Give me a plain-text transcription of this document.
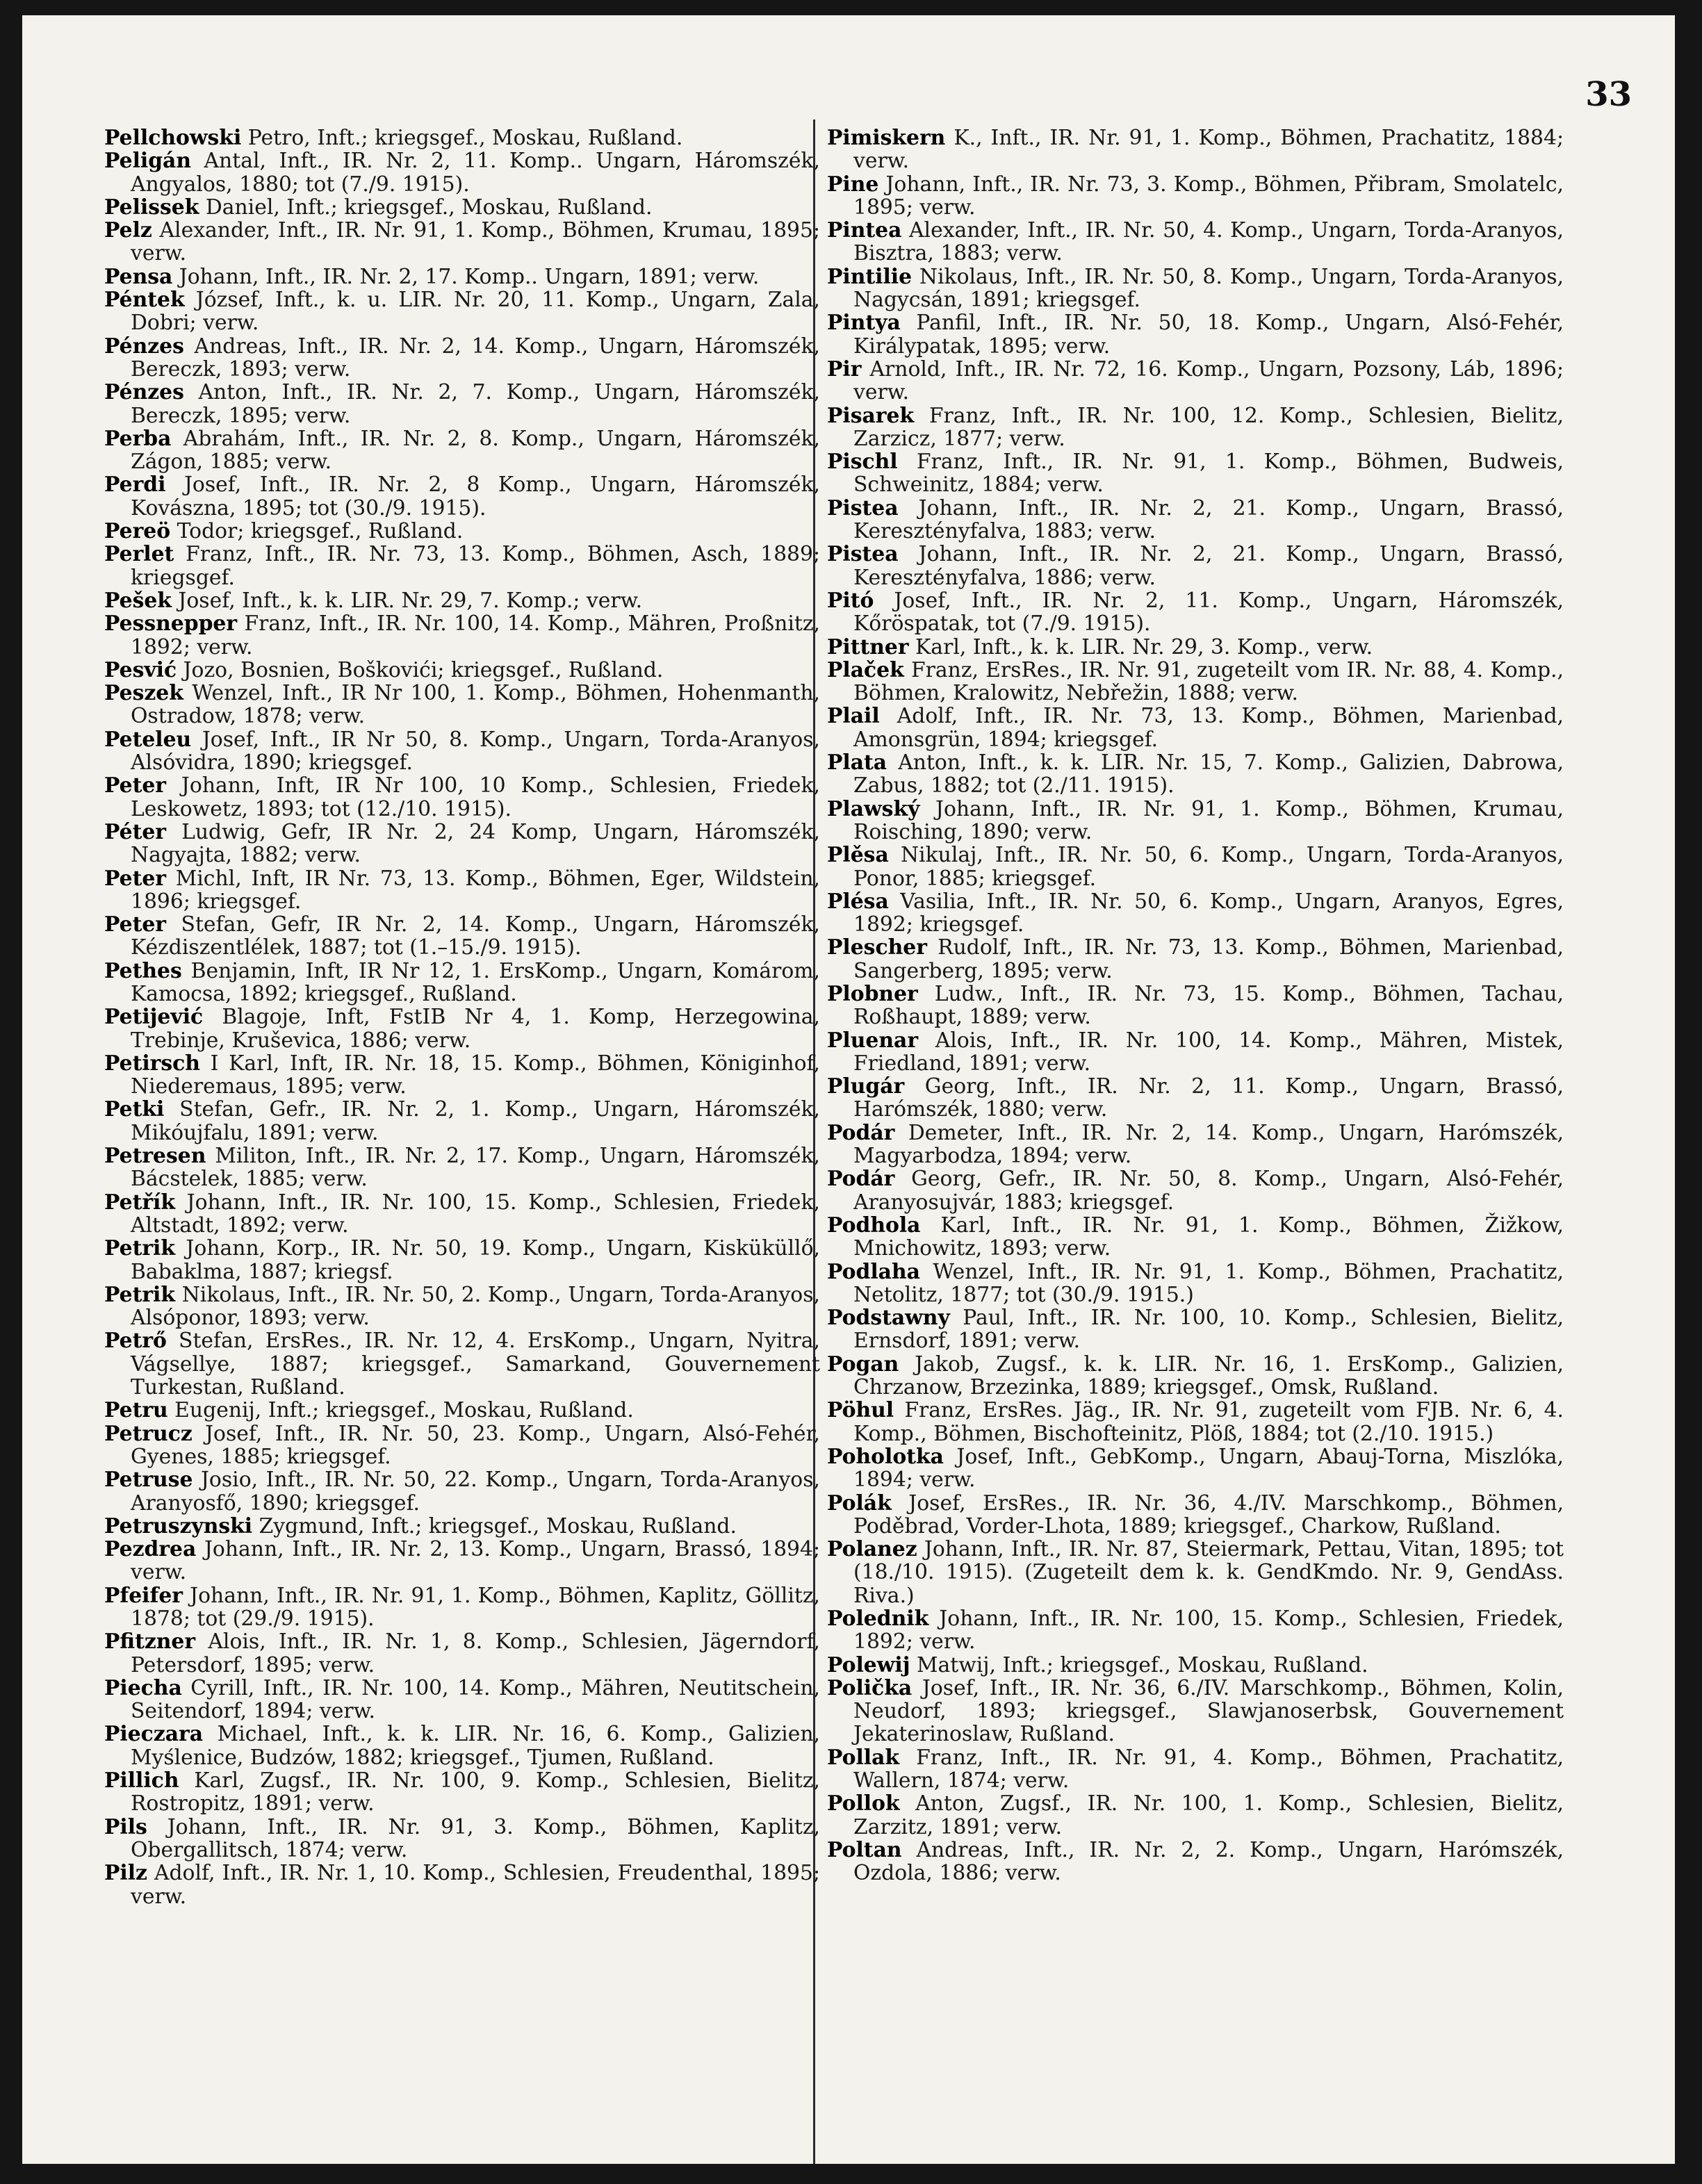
33

Pellchowski Petro, Inft.; kriegsgef., Moskau, Rußland.

Peligán Antal, Inft., IR. Nr. 2, 11. Komp.. Ungarn, Háromszék, Angyalos, 1880; tot (7./9. 1915).

Pelissek Daniel, Inft.; kriegsgef., Moskau, Rußland.

Pelz Alexander, Inft., IR. Nr. 91, 1. Komp., Böhmen, Krumau, 1895; verw.

Pensa Johann, Inft., IR. Nr. 2, 17. Komp.. Ungarn, 1891; verw.

Péntek József, Inft., k. u. LIR. Nr. 20, 11. Komp., Ungarn, Zala, Dobri; verw.

Pénzes Andreas, Inft., IR. Nr. 2, 14. Komp., Ungarn, Háromszék, Bereczk, 1893; verw.

Pénzes Anton, Inft., IR. Nr. 2, 7. Komp., Ungarn, Háromszék, Bereczk, 1895; verw.

Perba Abrahám, Inft., IR. Nr. 2, 8. Komp., Ungarn, Háromszék, Zágon, 1885; verw.

Perdi Josef, Inft., IR. Nr. 2, 8 Komp., Ungarn, Háromszék, Kovászna, 1895; tot (30./9. 1915).

Pereö Todor; kriegsgef., Rußland.

Perlet Franz, Inft., IR. Nr. 73, 13. Komp., Böhmen, Asch, 1889; kriegsgef.

Pešek Josef, Inft., k. k. LIR. Nr. 29, 7. Komp.; verw.

Pessnepper Franz, Inft., IR. Nr. 100, 14. Komp., Mähren, Proßnitz, 1892; verw.

Pesvić Jozo, Bosnien, Boškovići; kriegsgef., Rußland.

Peszek Wenzel, Inft., IR Nr 100, 1. Komp., Böhmen, Hohenmanth, Ostradow, 1878; verw.

Peteleu Josef, Inft., IR Nr 50, 8. Komp., Ungarn, Torda-Aranyos, Alsóvidra, 1890; kriegsgef.

Peter Johann, Inft, IR Nr 100, 10 Komp., Schlesien, Friedek, Leskowetz, 1893; tot (12./10. 1915).

Péter Ludwig, Gefr, IR Nr. 2, 24 Komp, Ungarn, Háromszék, Nagyajta, 1882; verw.

Peter Michl, Inft, IR Nr. 73, 13. Komp., Böhmen, Eger, Wildstein, 1896; kriegsgef.

Peter Stefan, Gefr, IR Nr. 2, 14. Komp., Ungarn, Háromszék, Kézdiszentlélek, 1887; tot (1.–15./9. 1915).

Pethes Benjamin, Inft, IR Nr 12, 1. ErsKomp., Ungarn, Komárom, Kamocsa, 1892; kriegsgef., Rußland.

Petijević Blagoje, Inft, FstIB Nr 4, 1. Komp, Herzegowina, Trebinje, Kruševica, 1886; verw.

Petirsch I Karl, Inft, IR. Nr. 18, 15. Komp., Böhmen, Königinhof, Niederemaus, 1895; verw.

Petki Stefan, Gefr., IR. Nr. 2, 1. Komp., Ungarn, Háromszék, Mikóujfalu, 1891; verw.

Petresen Militon, Inft., IR. Nr. 2, 17. Komp., Ungarn, Háromszék, Bácstelek, 1885; verw.

Petřík Johann, Inft., IR. Nr. 100, 15. Komp., Schlesien, Friedek, Altstadt, 1892; verw.

Petrik Johann, Korp., IR. Nr. 50, 19. Komp., Ungarn, Kisküküllő, Babaklma, 1887; kriegsf.

Petrik Nikolaus, Inft., IR. Nr. 50, 2. Komp., Ungarn, Torda-Aranyos, Alsóponor, 1893; verw.

Petrő Stefan, ErsRes., IR. Nr. 12, 4. ErsKomp., Ungarn, Nyitra, Vágsellye, 1887; kriegsgef., Samarkand, Gouvernement Turkestan, Rußland.

Petru Eugenij, Inft.; kriegsgef., Moskau, Rußland.

Petrucz Josef, Inft., IR. Nr. 50, 23. Komp., Ungarn, Alsó-Fehér, Gyenes, 1885; kriegsgef.

Petruse Josio, Inft., IR. Nr. 50, 22. Komp., Ungarn, Torda-Aranyos, Aranyosfő, 1890; kriegsgef.

Petruszynski Zygmund, Inft.; kriegsgef., Moskau, Rußland.

Pezdrea Johann, Inft., IR. Nr. 2, 13. Komp., Ungarn, Brassó, 1894; verw.

Pfeifer Johann, Inft., IR. Nr. 91, 1. Komp., Böhmen, Kaplitz, Göllitz, 1878; tot (29./9. 1915).

Pfitzner Alois, Inft., IR. Nr. 1, 8. Komp., Schlesien, Jägerndorf, Petersdorf, 1895; verw.

Piecha Cyrill, Inft., IR. Nr. 100, 14. Komp., Mähren, Neutitschein, Seitendorf, 1894; verw.

Pieczara Michael, Inft., k. k. LIR. Nr. 16, 6. Komp., Galizien, Myślenice, Budzów, 1882; kriegsgef., Tjumen, Rußland.

Pillich Karl, Zugsf., IR. Nr. 100, 9. Komp., Schlesien, Bielitz, Rostropitz, 1891; verw.

Pils Johann, Inft., IR. Nr. 91, 3. Komp., Böhmen, Kaplitz, Obergallitsch, 1874; verw.

Pilz Adolf, Inft., IR. Nr. 1, 10. Komp., Schlesien, Freudenthal, 1895; verw.

Pimiskern K., Inft., IR. Nr. 91, 1. Komp., Böhmen, Prachatitz, 1884; verw.

Pine Johann, Inft., IR. Nr. 73, 3. Komp., Böhmen, Přibram, Smolatelc, 1895; verw.

Pintea Alexander, Inft., IR. Nr. 50, 4. Komp., Ungarn, Torda-Aranyos, Bisztra, 1883; verw.

Pintilie Nikolaus, Inft., IR. Nr. 50, 8. Komp., Ungarn, Torda-Aranyos, Nagycsán, 1891; kriegsgef.

Pintya Panfil, Inft., IR. Nr. 50, 18. Komp., Ungarn, Alsó-Fehér, Királypatak, 1895; verw.

Pir Arnold, Inft., IR. Nr. 72, 16. Komp., Ungarn, Pozsony, Láb, 1896; verw.

Pisarek Franz, Inft., IR. Nr. 100, 12. Komp., Schlesien, Bielitz, Zarzicz, 1877; verw.

Pischl Franz, Inft., IR. Nr. 91, 1. Komp., Böhmen, Budweis, Schweinitz, 1884; verw.

Pistea Johann, Inft., IR. Nr. 2, 21. Komp., Ungarn, Brassó, Keresztényfalva, 1883; verw.

Pistea Johann, Inft., IR. Nr. 2, 21. Komp., Ungarn, Brassó, Keresztényfalva, 1886; verw.

Pitó Josef, Inft., IR. Nr. 2, 11. Komp., Ungarn, Háromszék, Kőröspatak, tot (7./9. 1915).

Pittner Karl, Inft., k. k. LIR. Nr. 29, 3. Komp., verw.

Plaček Franz, ErsRes., IR. Nr. 91, zugeteilt vom IR. Nr. 88, 4. Komp., Böhmen, Kralowitz, Nebřežin, 1888; verw.

Plail Adolf, Inft., IR. Nr. 73, 13. Komp., Böhmen, Marienbad, Amonsgrün, 1894; kriegsgef.

Plata Anton, Inft., k. k. LIR. Nr. 15, 7. Komp., Galizien, Dabrowa, Zabus, 1882; tot (2./11. 1915).

Plawský Johann, Inft., IR. Nr. 91, 1. Komp., Böhmen, Krumau, Roisching, 1890; verw.

Plěsa Nikulaj, Inft., IR. Nr. 50, 6. Komp., Ungarn, Torda-Aranyos, Ponor, 1885; kriegsgef.

Plésa Vasilia, Inft., IR. Nr. 50, 6. Komp., Ungarn, Aranyos, Egres, 1892; kriegsgef.

Plescher Rudolf, Inft., IR. Nr. 73, 13. Komp., Böhmen, Marienbad, Sangerberg, 1895; verw.

Plobner Ludw., Inft., IR. Nr. 73, 15. Komp., Böhmen, Tachau, Roßhaupt, 1889; verw.

Pluenar Alois, Inft., IR. Nr. 100, 14. Komp., Mähren, Mistek, Friedland, 1891; verw.

Plugár Georg, Inft., IR. Nr. 2, 11. Komp., Ungarn, Brassó, Harómszék, 1880; verw.

Podár Demeter, Inft., IR. Nr. 2, 14. Komp., Ungarn, Harómszék, Magyarbodza, 1894; verw.

Podár Georg, Gefr., IR. Nr. 50, 8. Komp., Ungarn, Alsó-Fehér, Aranyosujvár, 1883; kriegsgef.

Podhola Karl, Inft., IR. Nr. 91, 1. Komp., Böhmen, Žižkow, Mnichowitz, 1893; verw.

Podlaha Wenzel, Inft., IR. Nr. 91, 1. Komp., Böhmen, Prachatitz, Netolitz, 1877; tot (30./9. 1915.)

Podstawny Paul, Inft., IR. Nr. 100, 10. Komp., Schlesien, Bielitz, Ernsdorf, 1891; verw.

Pogan Jakob, Zugsf., k. k. LIR. Nr. 16, 1. ErsKomp., Galizien, Chrzanow, Brzezinka, 1889; kriegsgef., Omsk, Rußland.

Pöhul Franz, ErsRes. Jäg., IR. Nr. 91, zugeteilt vom FJB. Nr. 6, 4. Komp., Böhmen, Bischofteinitz, Plöß, 1884; tot (2./10. 1915.)

Poholotka Josef, Inft., GebKomp., Ungarn, Abauj-Torna, Miszlóka, 1894; verw.

Polák Josef, ErsRes., IR. Nr. 36, 4./IV. Marschkomp., Böhmen, Poděbrad, Vorder-Lhota, 1889; kriegsgef., Charkow, Rußland.

Polanez Johann, Inft., IR. Nr. 87, Steiermark, Pettau, Vitan, 1895; tot (18./10. 1915). (Zugeteilt dem k. k. GendKmdo. Nr. 9, GendAss. Riva.)

Polednik Johann, Inft., IR. Nr. 100, 15. Komp., Schlesien, Friedek, 1892; verw.

Polewij Matwij, Inft.; kriegsgef., Moskau, Rußland.

Polička Josef, Inft., IR. Nr. 36, 6./IV. Marschkomp., Böhmen, Kolin, Neudorf, 1893; kriegsgef., Slawjanoserbsk, Gouvernement Jekaterinoslaw, Rußland.

Pollak Franz, Inft., IR. Nr. 91, 4. Komp., Böhmen, Prachatitz, Wallern, 1874; verw.

Pollok Anton, Zugsf., IR. Nr. 100, 1. Komp., Schlesien, Bielitz, Zarzitz, 1891; verw.

Poltan Andreas, Inft., IR. Nr. 2, 2. Komp., Ungarn, Harómszék, Ozdola, 1886; verw.
